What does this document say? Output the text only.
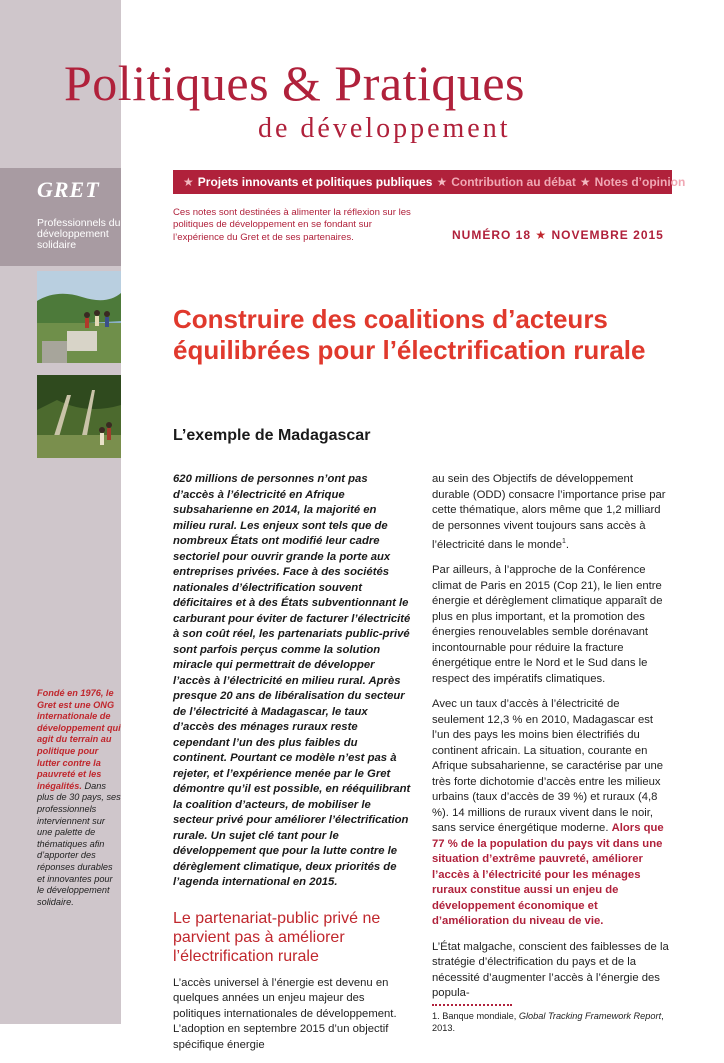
GRET
Professionnels du développement solidaire
Fondé en 1976, le Gret est une ONG internationale de développement qui agit du terrain au politique pour lutter contre la pauvreté et les inégalités. Dans plus de 30 pays, ses professionnels interviennent sur une palette de thématiques afin d’apporter des réponses durables et innovantes pour le développement solidaire.
Politiques & Pratiques
de développement
★ Projets innovants et politiques publiques ★ Contribution au débat ★ Notes d’opinion
Ces notes sont destinées à alimenter la réflexion sur les politiques de développement en se fondant sur l’expérience du Gret et de ses partenaires.	NUMÉRO 18 ★ NOVEMBRE 2015
Construire des coalitions d’acteurs équilibrées pour l’électrification rurale
L’exemple de Madagascar

620 millions de personnes n’ont pas d’accès à l’électricité en Afrique subsaharienne en 2014, la majorité en milieu rural. Les enjeux sont tels que de nombreux États ont modifié leur cadre sectoriel pour ouvrir grande la porte aux entreprises privées. Face à des sociétés nationales d’électrification souvent déficitaires et à des États subventionnant le carburant pour éviter de facturer l’électricité à son coût réel, les partenariats public-privé sont parfois perçus comme la solution miracle qui permettrait de développer l’accès à l’électricité en milieu rural. Après presque 20 ans de libéralisation du secteur de l’électricité à Madagascar, le taux d’accès des ménages ruraux reste cependant l’un des plus faibles du continent. Pourtant ce modèle n’est pas à rejeter, et l’expérience menée par le Gret démontre qu’il est possible, en rééquilibrant la coalition d’acteurs, de mobiliser le secteur privé pour améliorer l’électrification rurale. Un sujet clé tant pour le développement que pour la lutte contre le dérèglement climatique, deux priorités de l’agenda international en 2015.

Le partenariat-public privé ne parvient pas à améliorer l’électrification rurale

L’accès universel à l’énergie est devenu en quelques années un enjeu majeur des politiques internationales de développement. L’adoption en septembre 2015 d’un objectif spécifique énergie

au sein des Objectifs de développement durable (ODD) consacre l’importance prise par cette thématique, alors même que 1,2 milliard de personnes vivent toujours sans accès à l’électricité dans le monde$^1$.

Par ailleurs, à l’approche de la Conférence climat de Paris en 2015 (Cop 21), le lien entre énergie et dérèglement climatique apparaît de plus en plus important, et la promotion des énergies renouvelables semble dorénavant incontournable pour réduire la fracture énergétique entre le Nord et le Sud dans le respect des impératifs climatiques.

Avec un taux d’accès à l’électricité de seulement 12,3 % en 2010, Madagascar est l’un des pays les moins bien électrifiés du continent africain. La situation, courante en Afrique subsaharienne, se caractérise par une très forte dichotomie d’accès entre les milieux urbains (taux d’accès de 39 %) et ruraux (4,8 %). 14 millions de ruraux vivent dans le noir, sans service énergétique moderne. Alors que 77 % de la population du pays vit dans une situation d’extrême pauvreté, améliorer l’accès à l’électricité pour les ménages ruraux constitue aussi un enjeu de développement économique et d’amélioration du niveau de vie.

L’État malgache, conscient des faiblesses de la stratégie d’électrification du pays et de la nécessité d’augmenter l’accès à l’énergie des popula-

1. Banque mondiale, Global Tracking Framework Report, 2013.
